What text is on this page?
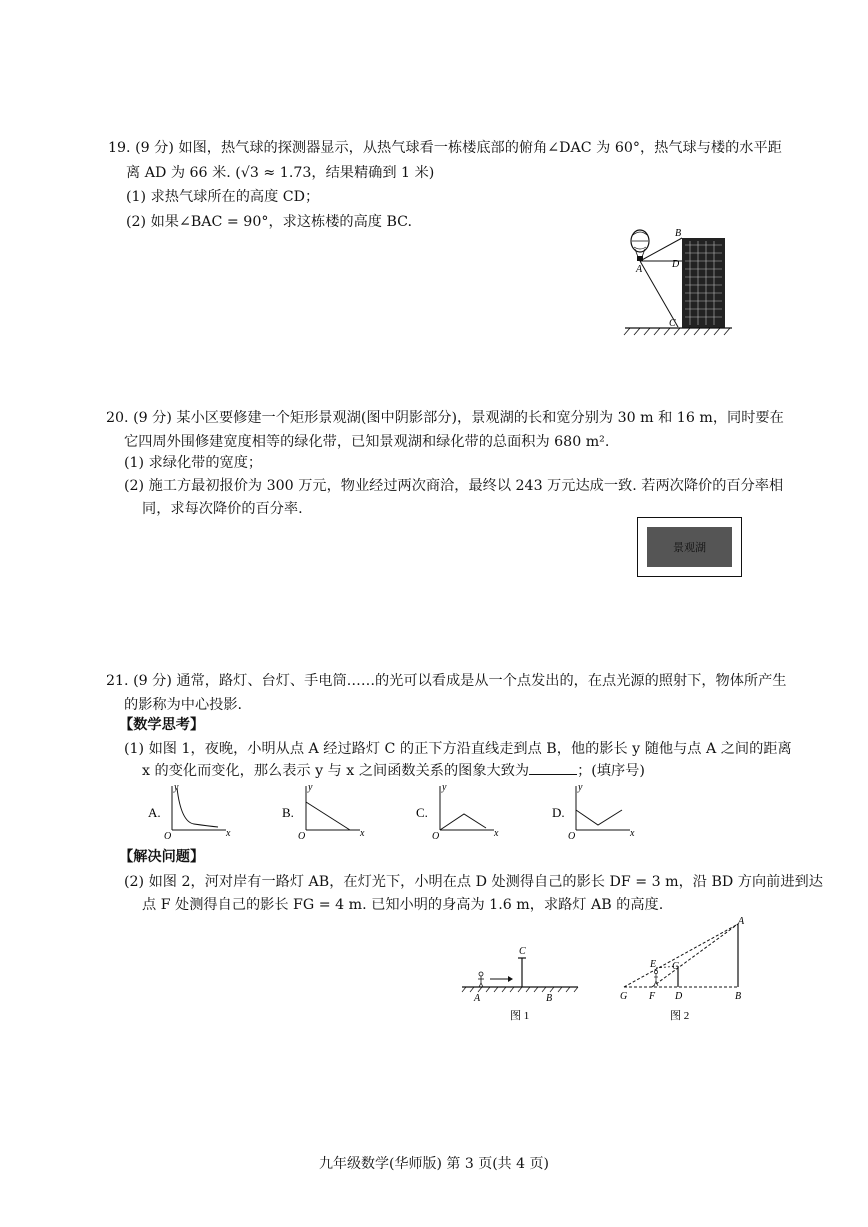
19. (9 分) 如图，热气球的探测器显示，从热气球看一栋楼底部的俯角∠DAC 为 60°，热气球与楼的水平距
离 AD 为 66 米. (√3 ≈ 1.73，结果精确到 1 米)
(1) 求热气球所在的高度 CD；
(2) 如果∠BAC = 90°，求这栋楼的高度 BC.
A
B
C
D
20. (9 分) 某小区要修建一个矩形景观湖(图中阴影部分)，景观湖的长和宽分别为 30 m 和 16 m，同时要在
它四周外围修建宽度相等的绿化带，已知景观湖和绿化带的总面积为 680 m².
(1) 求绿化带的宽度；
(2) 施工方最初报价为 300 万元，物业经过两次商洽，最终以 243 万元达成一致. 若两次降价的百分率相
同，求每次降价的百分率.
景观湖
21. (9 分) 通常，路灯、台灯、手电筒……的光可以看成是从一个点发出的，在点光源的照射下，物体所产生
的影称为中心投影.
【数学思考】
(1) 如图 1，夜晚，小明从点 A 经过路灯 C 的正下方沿直线走到点 B，他的影长 y 随他与点 A 之间的距离
x 的变化而变化，那么表示 y 与 x 之间函数关系的图象大致为	；(填序号)
A.
y
x
O
B.
y
x
O
C.
y
x
O
D.
y
x
O
【解决问题】
(2) 如图 2，河对岸有一路灯 AB，在灯光下，小明在点 D 处测得自己的影长 DF = 3 m，沿 BD 方向前进到达
点 F 处测得自己的影长 FG = 4 m. 已知小明的身高为 1.6 m，求路灯 AB 的高度.
C
A	B
图 1
A
B
C
D
E
F
G
图 2
九年级数学(华师版) 第 3 页(共 4 页)
